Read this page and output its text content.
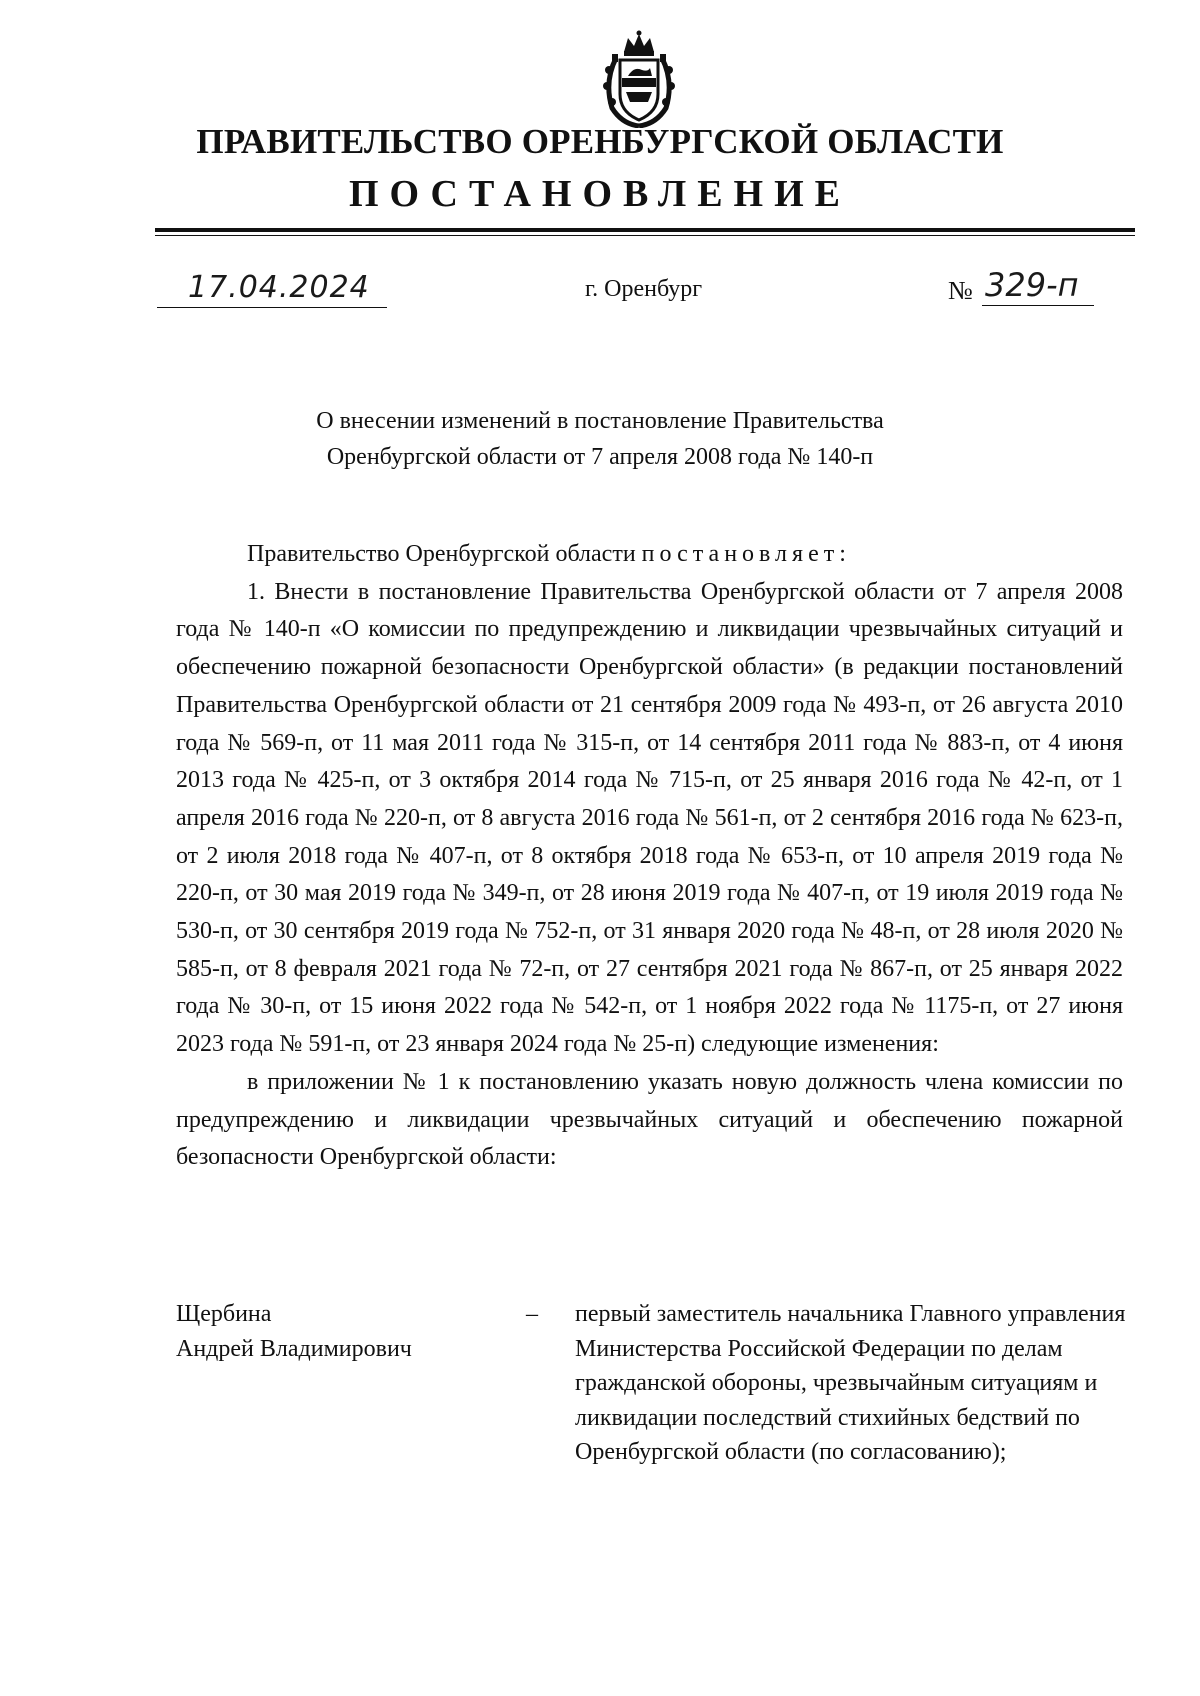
ПРАВИТЕЛЬСТВО ОРЕНБУРГСКОЙ ОБЛАСТИ
ПОСТАНОВЛЕНИЕ
17.04.2024	г. Оренбург	№ 329-п
О внесении изменений в постановление Правительства
Оренбургской области от 7 апреля 2008 года № 140-п

Правительство Оренбургской области постановляет:

1. Внести в постановление Правительства Оренбургской области от 7 апреля 2008 года № 140-п «О комиссии по предупреждению и ликвидации чрезвычайных ситуаций и обеспечению пожарной безопасности Оренбургской области» (в редакции постановлений Правительства Оренбургской области от 21 сентября 2009 года № 493-п, от 26 августа 2010 года № 569-п, от 11 мая 2011 года № 315-п, от 14 сентября 2011 года № 883-п, от 4 июня 2013 года № 425-п, от 3 октября 2014 года № 715-п, от 25 января 2016 года № 42-п, от 1 апреля 2016 года № 220-п, от 8 августа 2016 года № 561-п, от 2 сентября 2016 года № 623-п, от 2 июля 2018 года № 407-п, от 8 октября 2018 года № 653-п, от 10 апреля 2019 года № 220-п, от 30 мая 2019 года № 349-п, от 28 июня 2019 года № 407-п, от 19 июля 2019 года № 530-п, от 30 сентября 2019 года № 752-п, от 31 января 2020 года № 48-п, от 28 июля 2020 № 585-п, от 8 февраля 2021 года № 72-п, от 27 сентября 2021 года № 867-п, от 25 января 2022 года № 30-п, от 15 июня 2022 года № 542-п, от 1 ноября 2022 года № 1175-п, от 27 июня 2023 года № 591-п, от 23 января 2024 года № 25-п) следующие изменения:

в приложении № 1 к постановлению указать новую должность члена комиссии по предупреждению и ликвидации чрезвычайных ситуаций и обеспечению пожарной безопасности Оренбургской области:

Щербина
Андрей Владимирович
– первый заместитель начальника Главного управления Министерства Российской Федерации по делам гражданской обороны, чрезвычайным ситуациям и ликвидации последствий стихийных бедствий по Оренбургской области (по согласованию);
